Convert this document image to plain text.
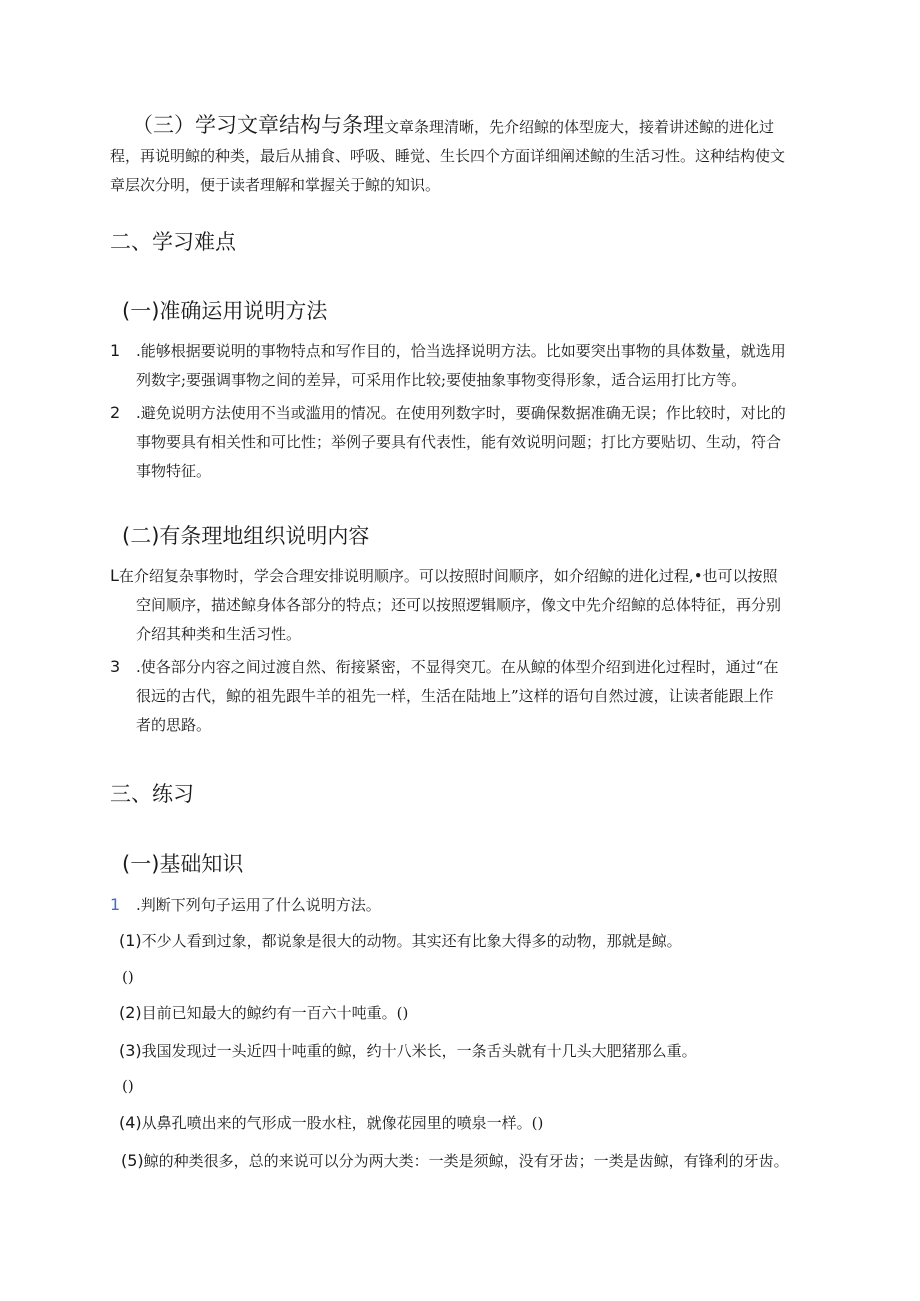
（三）学习文章结构与条理文章条理清晰，先介绍鲸的体型庞大，接着讲述鲸的进化过
程，再说明鲸的种类，最后从捕食、呼吸、睡觉、生长四个方面详细阐述鲸的生活习性。这种结构使文
章层次分明，便于读者理解和掌握关于鲸的知识。
二、学习难点
(一)准确运用说明方法
1 .能够根据要说明的事物特点和写作目的，恰当选择说明方法。比如要突出事物的具体数量，就选用
列数字;要强调事物之间的差异，可采用作比较;要使抽象事物变得形象，适合运用打比方等。
2 .避免说明方法使用不当或滥用的情况。在使用列数字时，要确保数据准确无误；作比较时，对比的
事物要具有相关性和可比性；举例子要具有代表性，能有效说明问题；打比方要贴切、生动，符合
事物特征。
(二)有条理地组织说明内容
L在介绍复杂事物时，学会合理安排说明顺序。可以按照时间顺序，如介绍鲸的进化过程,•也可以按照
空间顺序，描述鲸身体各部分的特点；还可以按照逻辑顺序，像文中先介绍鲸的总体特征，再分别
介绍其种类和生活习性。
3 .使各部分内容之间过渡自然、衔接紧密，不显得突兀。在从鲸的体型介绍到进化过程时，通过“在
很远的古代，鲸的祖先跟牛羊的祖先一样，生活在陆地上”这样的语句自然过渡，让读者能跟上作
者的思路。
三、练习
(一)基础知识
1 .判断下列句子运用了什么说明方法。
(1)不少人看到过象，都说象是很大的动物。其实还有比象大得多的动物，那就是鲸。
()
(2)目前已知最大的鲸约有一百六十吨重。()
(3)我国发现过一头近四十吨重的鲸，约十八米长，一条舌头就有十几头大肥猪那么重。
()
(4)从鼻孔喷出来的气形成一股水柱，就像花园里的喷泉一样。()
(5)鲸的种类很多，总的来说可以分为两大类：一类是须鲸，没有牙齿；一类是齿鲸，有锋利的牙齿。
